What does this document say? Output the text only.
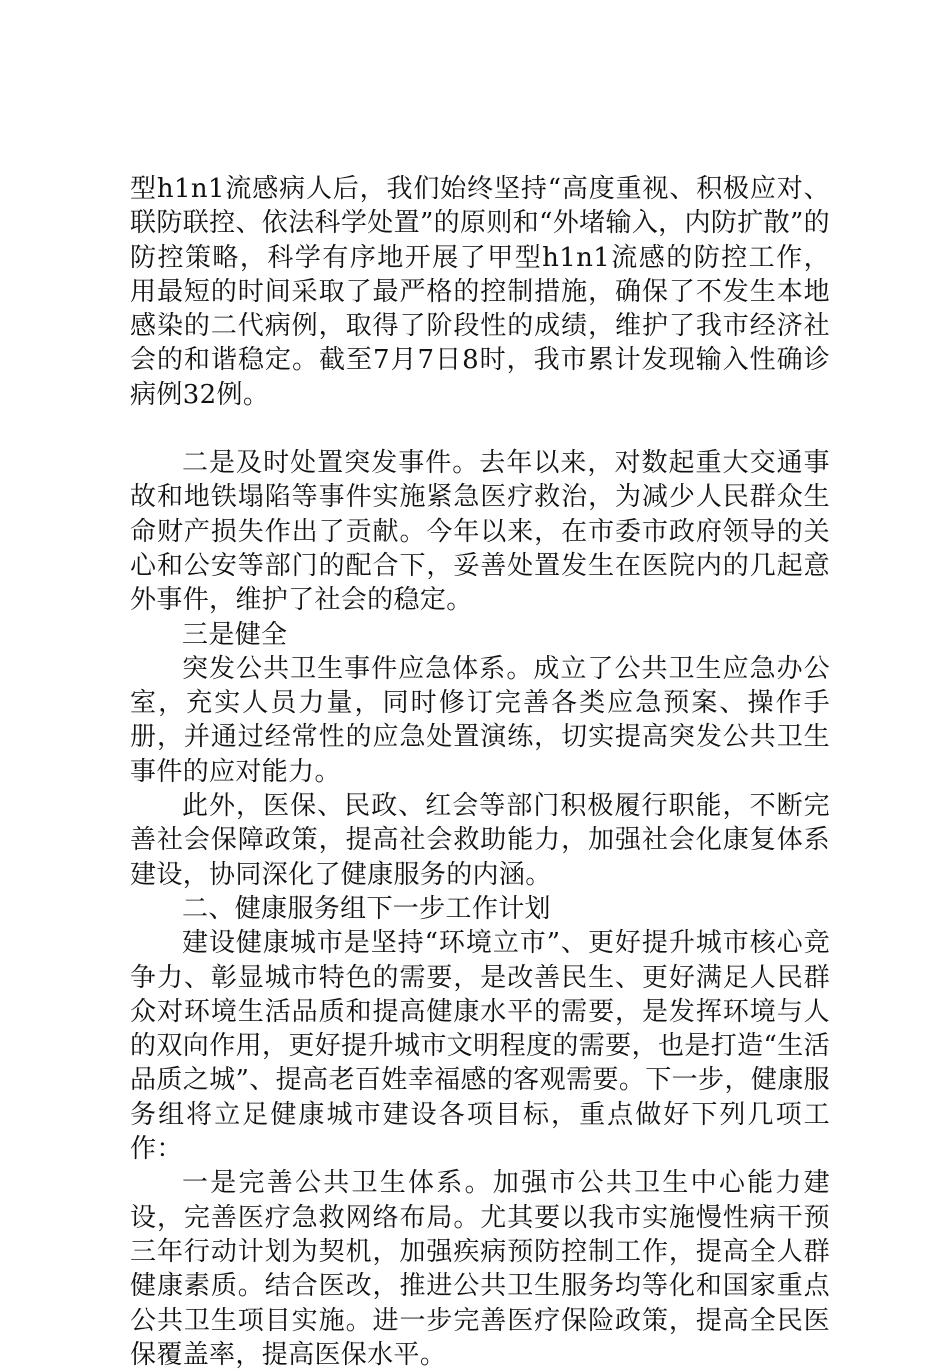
型h1n1流感病人后，我们始终坚持“高度重视、积极应对、联防联控、依法科学处置”的原则和“外堵输入，内防扩散”的防控策略，科学有序地开展了甲型h1n1流感的防控工作，用最短的时间采取了最严格的控制措施，确保了不发生本地感染的二代病例，取得了阶段性的成绩，维护了我市经济社会的和谐稳定。截至7月7日8时，我市累计发现输入性确诊病例32例。

二是及时处置突发事件。去年以来，对数起重大交通事故和地铁塌陷等事件实施紧急医疗救治，为减少人民群众生命财产损失作出了贡献。今年以来，在市委市政府领导的关心和公安等部门的配合下，妥善处置发生在医院内的几起意外事件，维护了社会的稳定。

三是健全

突发公共卫生事件应急体系。成立了公共卫生应急办公室，充实人员力量，同时修订完善各类应急预案、操作手册，并通过经常性的应急处置演练，切实提高突发公共卫生事件的应对能力。

此外，医保、民政、红会等部门积极履行职能，不断完善社会保障政策，提高社会救助能力，加强社会化康复体系建设，协同深化了健康服务的内涵。

二、健康服务组下一步工作计划

建设健康城市是坚持“环境立市”、更好提升城市核心竞争力、彰显城市特色的需要，是改善民生、更好满足人民群众对环境生活品质和提高健康水平的需要，是发挥环境与人的双向作用，更好提升城市文明程度的需要，也是打造“生活品质之城”、提高老百姓幸福感的客观需要。下一步，健康服务组将立足健康城市建设各项目标，重点做好下列几项工作：

一是完善公共卫生体系。加强市公共卫生中心能力建设，完善医疗急救网络布局。尤其要以我市实施慢性病干预三年行动计划为契机，加强疾病预防控制工作，提高全人群健康素质。结合医改，推进公共卫生服务均等化和国家重点公共卫生项目实施。进一步完善医疗保险政策，提高全民医保覆盖率，提高医保水平。
